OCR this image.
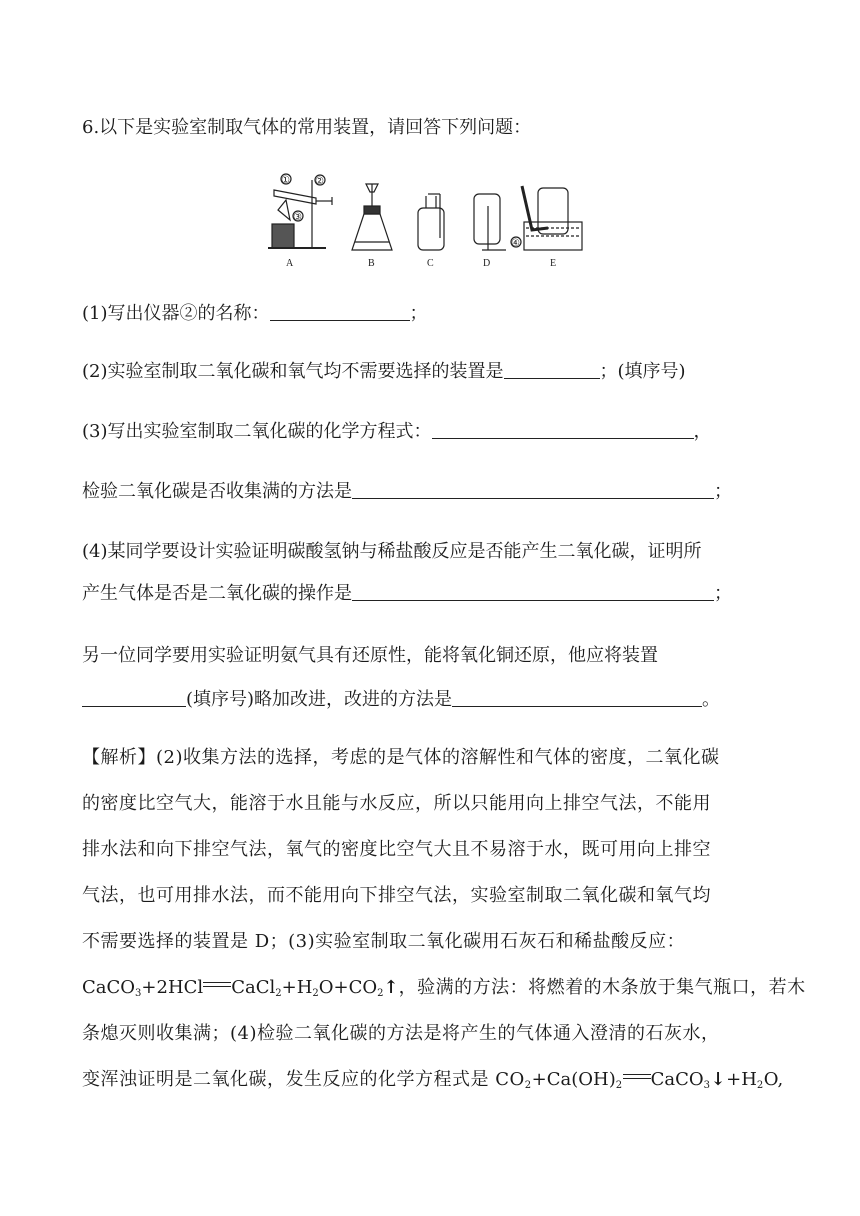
6.以下是实验室制取气体的常用装置，请回答下列问题：
A	B	C	D	E
①	②
③
④
(1)写出仪器②的名称：	；
(2)实验室制取二氧化碳和氧气均不需要选择的装置是	；(填序号)
(3)写出实验室制取二氧化碳的化学方程式：	，
检验二氧化碳是否收集满的方法是	；
(4)某同学要设计实验证明碳酸氢钠与稀盐酸反应是否能产生二氧化碳，证明所
产生气体是否是二氧化碳的操作是	；
另一位同学要用实验证明氨气具有还原性，能将氧化铜还原，他应将装置
(填序号)略加改进，改进的方法是	。
【解析】(2)收集方法的选择，考虑的是气体的溶解性和气体的密度，二氧化碳
的密度比空气大，能溶于水且能与水反应，所以只能用向上排空气法，不能用
排水法和向下排空气法，氧气的密度比空气大且不易溶于水，既可用向上排空
气法，也可用排水法，而不能用向下排空气法，实验室制取二氧化碳和氧气均
不需要选择的装置是 D；(3)实验室制取二氧化碳用石灰石和稀盐酸反应：
CaCO$_3$+2HCl $CaCl_2+H_2O+CO_2↑$，验满的方法：将燃着的木条放于集气瓶口，若木
条熄灭则收集满；(4)检验二氧化碳的方法是将产生的气体通入澄清的石灰水，
变浑浊证明是二氧化碳，发生反应的化学方程式是 $CO_2+Ca(OH)_2$ $CaCO_3↓+H_2O$,
